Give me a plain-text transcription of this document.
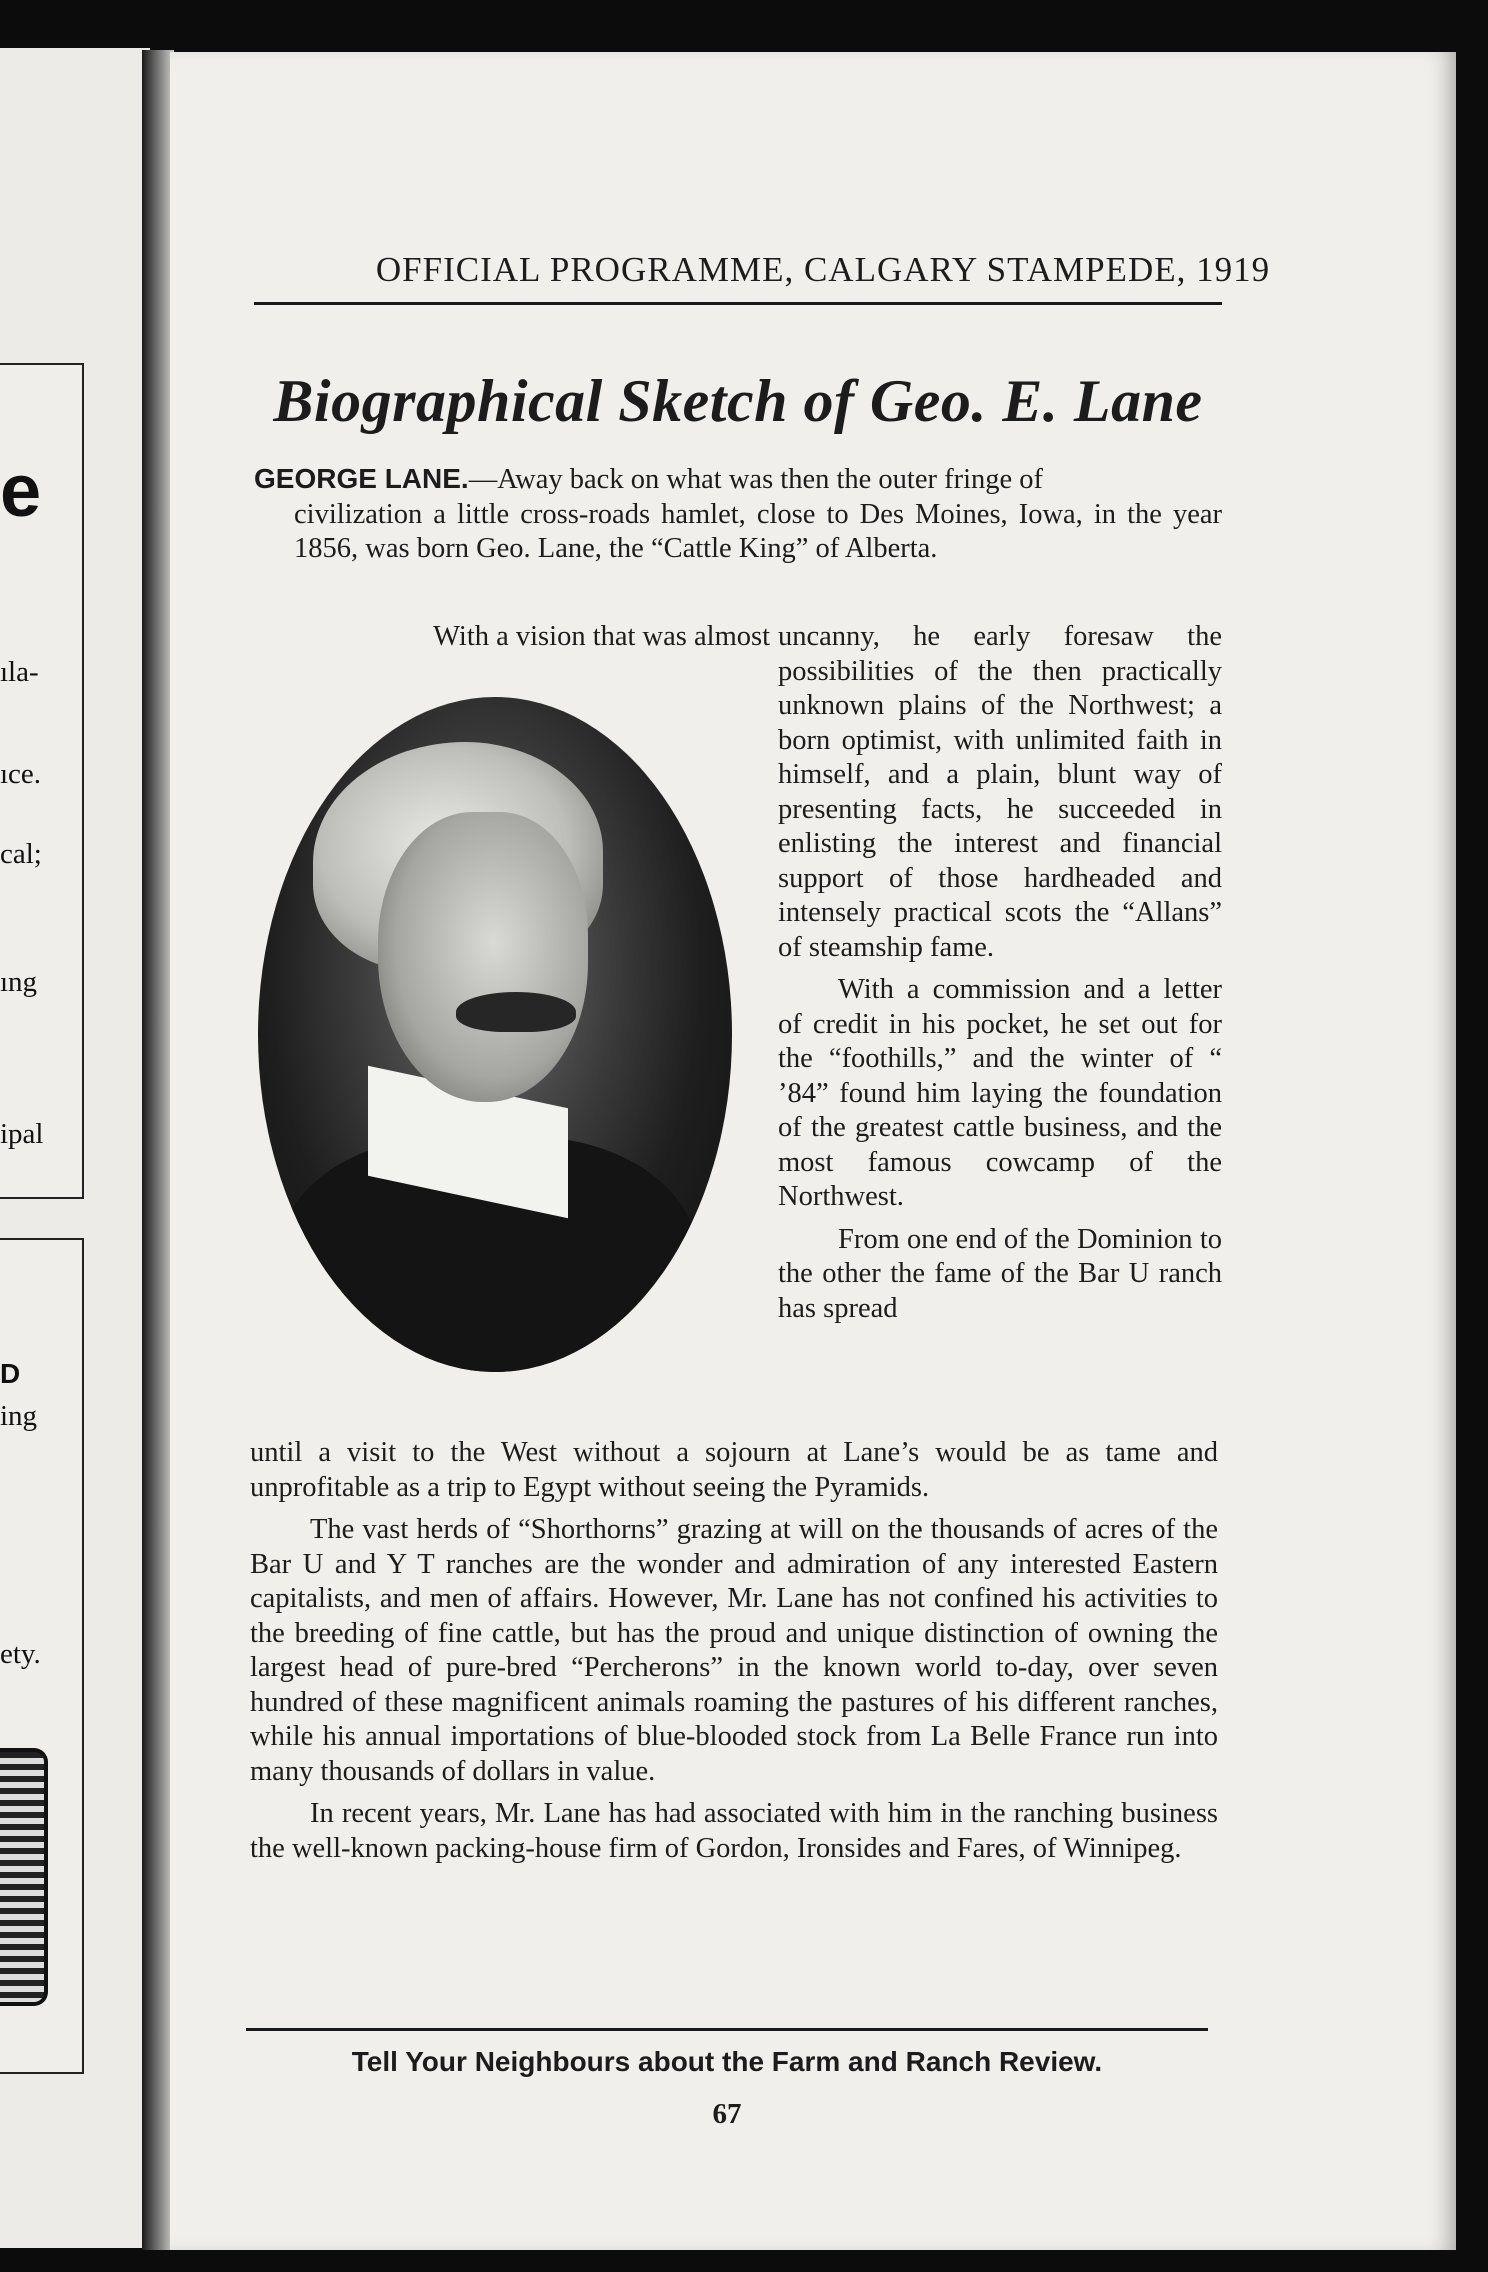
e
ıla-
ıce.
cal;
ıng
ipal
D
ing
ety.
OFFICIAL PROGRAMME, CALGARY STAMPEDE, 1919
Biographical Sketch of Geo. E. Lane
GEORGE LANE.—Away back on what was then the outer fringe of
civilization a little cross-roads hamlet, close to Des Moines, Iowa, in the year 1856, was born Geo. Lane, the “Cattle King” of Alberta.
With a vision that was almost uncanny, he early foresaw the possibilities of the then practically unknown plains of the Northwest; a born optimist, with unlimited faith in himself, and a plain, blunt way of presenting facts, he succeeded in enlisting the interest and financial support of those hardheaded and intensely practical scots the “Allans” of steamship fame.

With a commission and a letter of credit in his pocket, he set out for the “foothills,” and the winter of “ ’84” found him laying the foundation of the greatest cattle business, and the most famous cowcamp of the Northwest.

From one end of the Dominion to the other the fame of the Bar U ranch has spread

until a visit to the West without a sojourn at Lane’s would be as tame and unprofitable as a trip to Egypt without seeing the Pyramids.

The vast herds of “Shorthorns” grazing at will on the thousands of acres of the Bar U and Y T ranches are the wonder and admiration of any interested Eastern capitalists, and men of affairs. However, Mr. Lane has not confined his activities to the breeding of fine cattle, but has the proud and unique distinction of owning the largest head of pure-bred “Percherons” in the known world to-day, over seven hundred of these magnificent animals roaming the pastures of his different ranches, while his annual importations of blue-blooded stock from La Belle France run into many thousands of dollars in value.

In recent years, Mr. Lane has had associated with him in the ranching business the well-known packing-house firm of Gordon, Ironsides and Fares, of Winnipeg.

Tell Your Neighbours about the Farm and Ranch Review.
67
